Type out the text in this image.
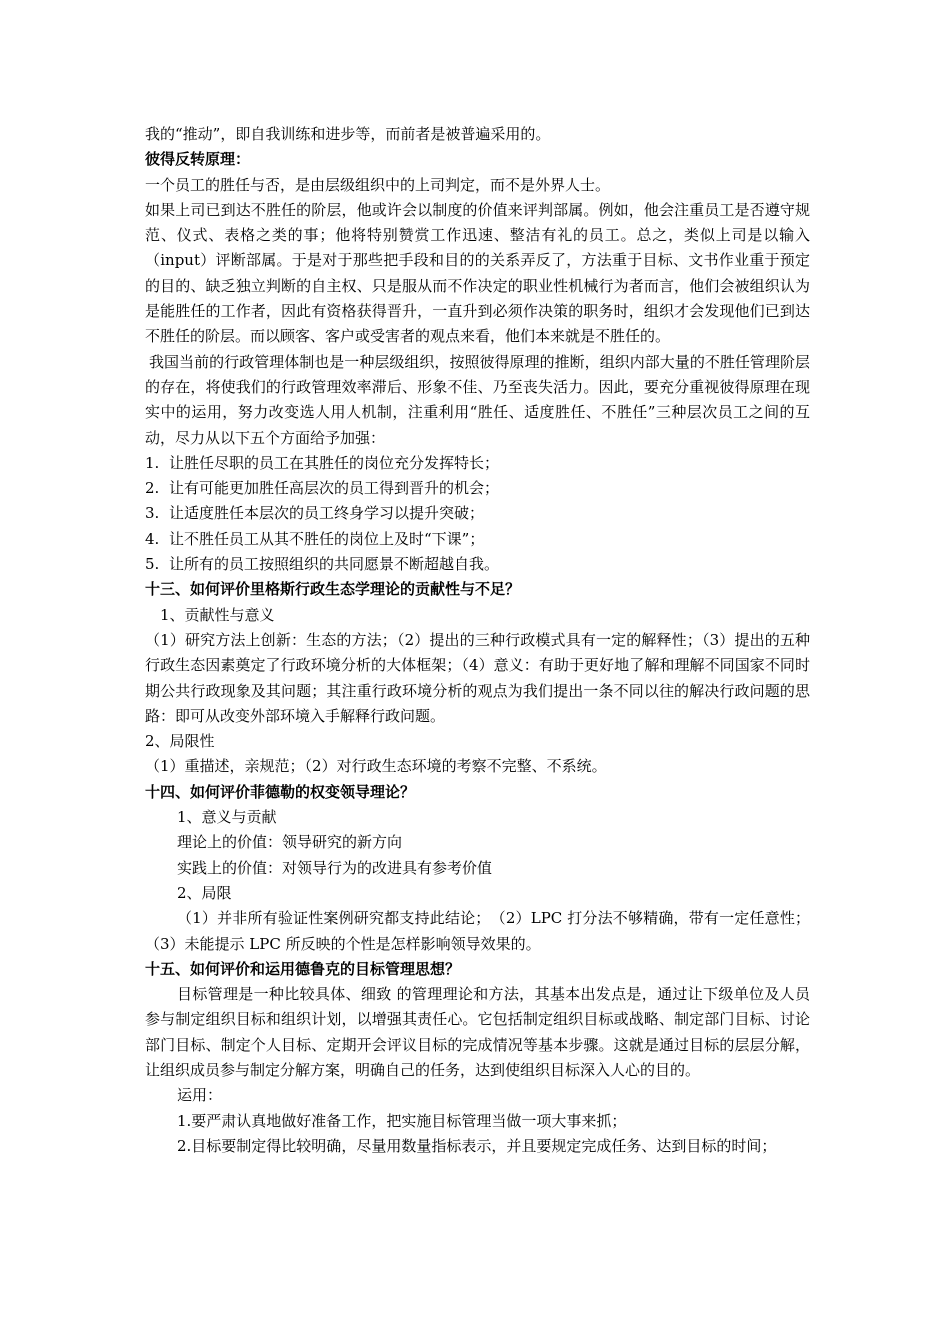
我的“推动”，即自我训练和进步等，而前者是被普遍采用的。

彼得反转原理：

一个员工的胜任与否，是由层级组织中的上司判定，而不是外界人士。

如果上司已到达不胜任的阶层，他或许会以制度的价值来评判部属。例如，他会注重员工是否遵守规范、仪式、表格之类的事；他将特别赞赏工作迅速、整洁有礼的员工。总之，类似上司是以输入（input）评断部属。于是对于那些把手段和目的的关系弄反了，方法重于目标、文书作业重于预定的目的、缺乏独立判断的自主权、只是服从而不作决定的职业性机械行为者而言，他们会被组织认为是能胜任的工作者，因此有资格获得晋升，一直升到必须作决策的职务时，组织才会发现他们已到达不胜任的阶层。而以顾客、客户或受害者的观点来看，他们本来就是不胜任的。

我国当前的行政管理体制也是一种层级组织，按照彼得原理的推断，组织内部大量的不胜任管理阶层的存在，将使我们的行政管理效率滞后、形象不佳、乃至丧失活力。因此，要充分重视彼得原理在现实中的运用，努力改变选人用人机制，注重利用“胜任、适度胜任、不胜任”三种层次员工之间的互动，尽力从以下五个方面给予加强：

1. 让胜任尽职的员工在其胜任的岗位充分发挥特长；
2. 让有可能更加胜任高层次的员工得到晋升的机会；
3. 让适度胜任本层次的员工终身学习以提升突破；
4. 让不胜任员工从其不胜任的岗位上及时“下课”；
5. 让所有的员工按照组织的共同愿景不断超越自我。

十三、如何评价里格斯行政生态学理论的贡献性与不足？

1、贡献性与意义

（1）研究方法上创新：生态的方法；（2）提出的三种行政模式具有一定的解释性；（3）提出的五种行政生态因素奠定了行政环境分析的大体框架；（4）意义：有助于更好地了解和理解不同国家不同时期公共行政现象及其问题；其注重行政环境分析的观点为我们提出一条不同以往的解决行政问题的思路：即可从改变外部环境入手解释行政问题。

2、局限性

（1）重描述，亲规范；（2）对行政生态环境的考察不完整、不系统。

十四、如何评价菲德勒的权变领导理论？

1、意义与贡献

理论上的价值：领导研究的新方向

实践上的价值：对领导行为的改进具有参考价值

2、局限

（1）并非所有验证性案例研究都支持此结论；　（2）LPC 打分法不够精确，带有一定任意性；（3）未能提示 LPC 所反映的个性是怎样影响领导效果的。

十五、如何评价和运用德鲁克的目标管理思想？

目标管理是一种比较具体、细致 的管理理论和方法，其基本出发点是，通过让下级单位及人员参与制定组织目标和组织计划，以增强其责任心。它包括制定组织目标或战略、制定部门目标、讨论部门目标、制定个人目标、定期开会评议目标的完成情况等基本步骤。这就是通过目标的层层分解，让组织成员参与制定分解方案，明确自己的任务，达到使组织目标深入人心的目的。

运用：

1.要严肃认真地做好准备工作，把实施目标管理当做一项大事来抓；

2.目标要制定得比较明确，尽量用数量指标表示，并且要规定完成任务、达到目标的时间；
